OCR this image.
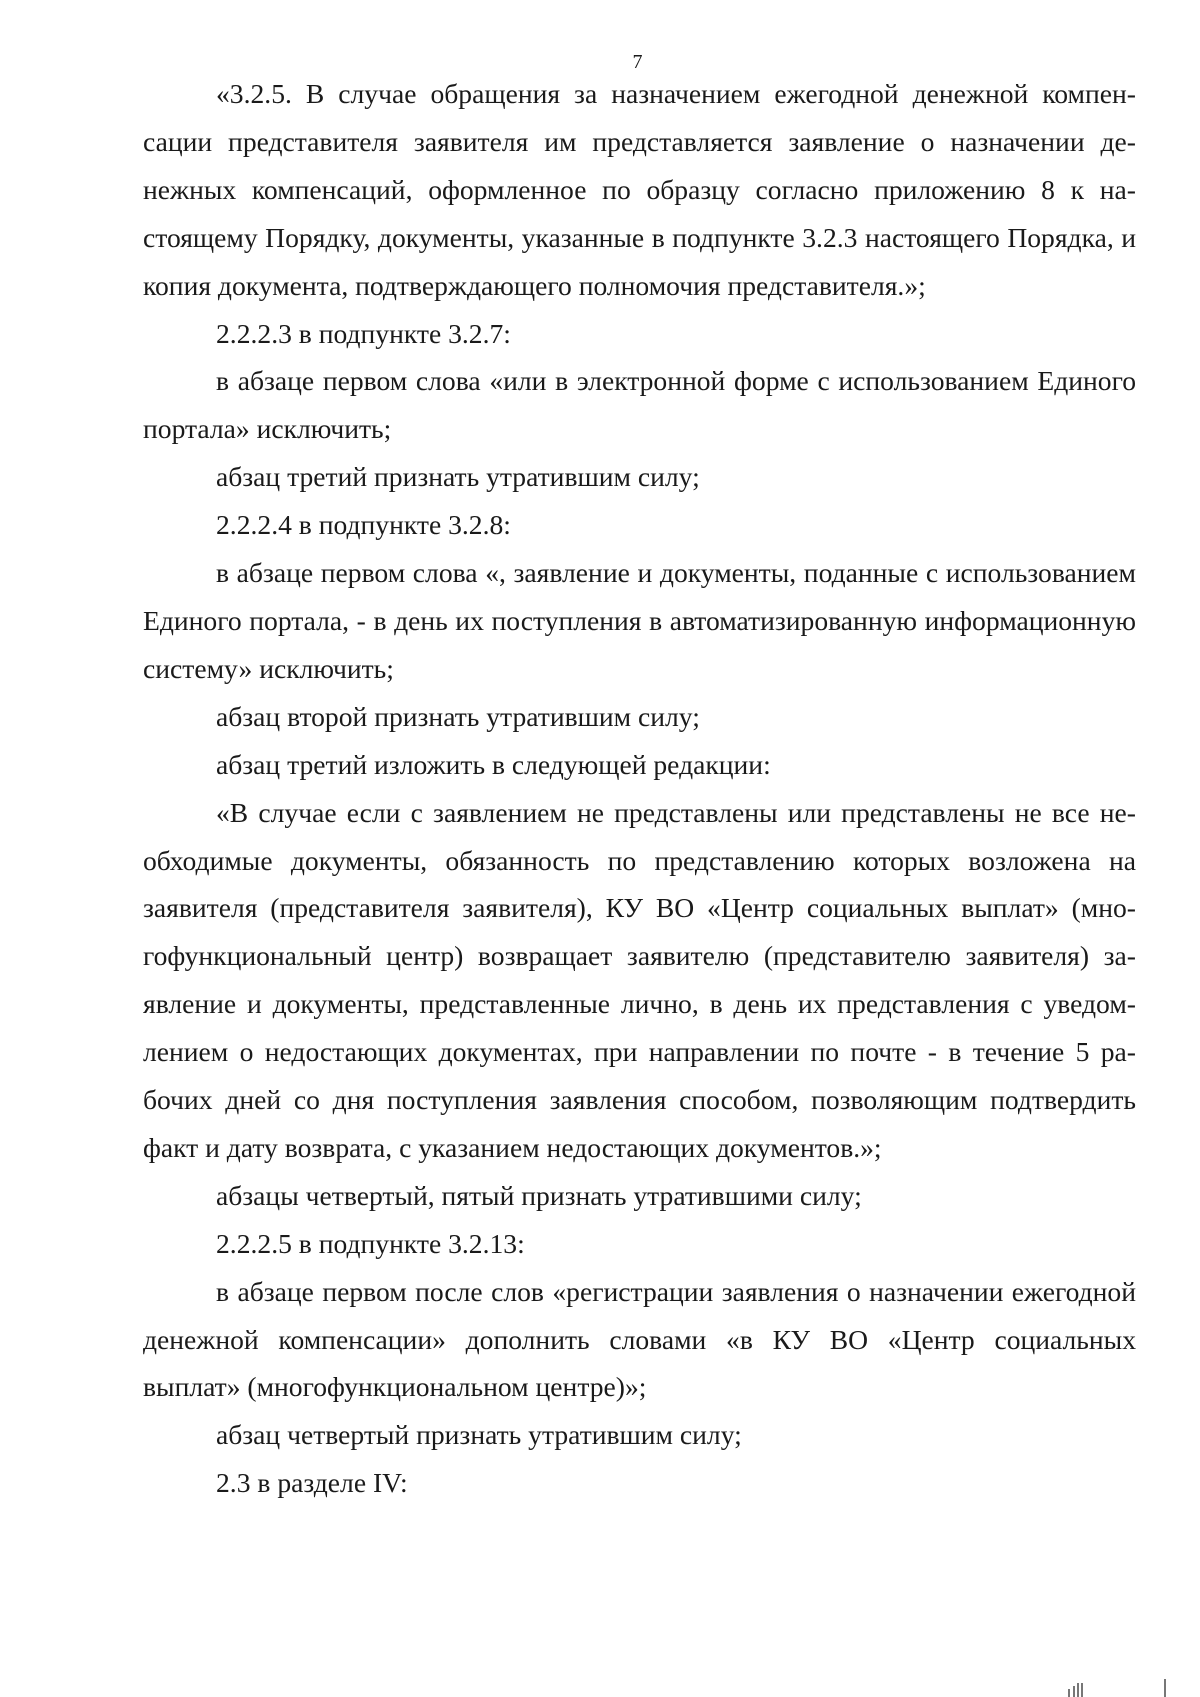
7

«3.2.5. В случае обращения за назначением ежегодной денежной компенсации представителя заявителя им представляется заявление о назначении денежных компенсаций, оформленное по образцу согласно приложению 8 к настоящему Порядку, документы, указанные в подпункте 3.2.3 настоящего Порядка, и копия документа, подтверждающего полномочия представителя.»;

2.2.2.3 в подпункте 3.2.7:

в абзаце первом слова «или в электронной форме с использованием Единого портала» исключить;

абзац третий признать утратившим силу;

2.2.2.4 в подпункте 3.2.8:

в абзаце первом слова «, заявление и документы, поданные с использованием Единого портала, - в день их поступления в автоматизированную информационную систему» исключить;

абзац второй признать утратившим силу;

абзац третий изложить в следующей редакции:

«В случае если с заявлением не представлены или представлены не все необходимые документы, обязанность по представлению которых возложена на заявителя (представителя заявителя), КУ ВО «Центр социальных выплат» (многофункциональный центр) возвращает заявителю (представителю заявителя) заявление и документы, представленные лично, в день их представления с уведомлением о недостающих документах, при направлении по почте - в течение 5 рабочих дней со дня поступления заявления способом, позволяющим подтвердить факт и дату возврата, с указанием недостающих документов.»;

абзацы четвертый, пятый признать утратившими силу;

2.2.2.5 в подпункте 3.2.13:

в абзаце первом после слов «регистрации заявления о назначении ежегодной денежной компенсации» дополнить словами «в КУ ВО «Центр социальных выплат» (многофункциональном центре)»;

абзац четвертый признать утратившим силу;

2.3 в разделе IV:
